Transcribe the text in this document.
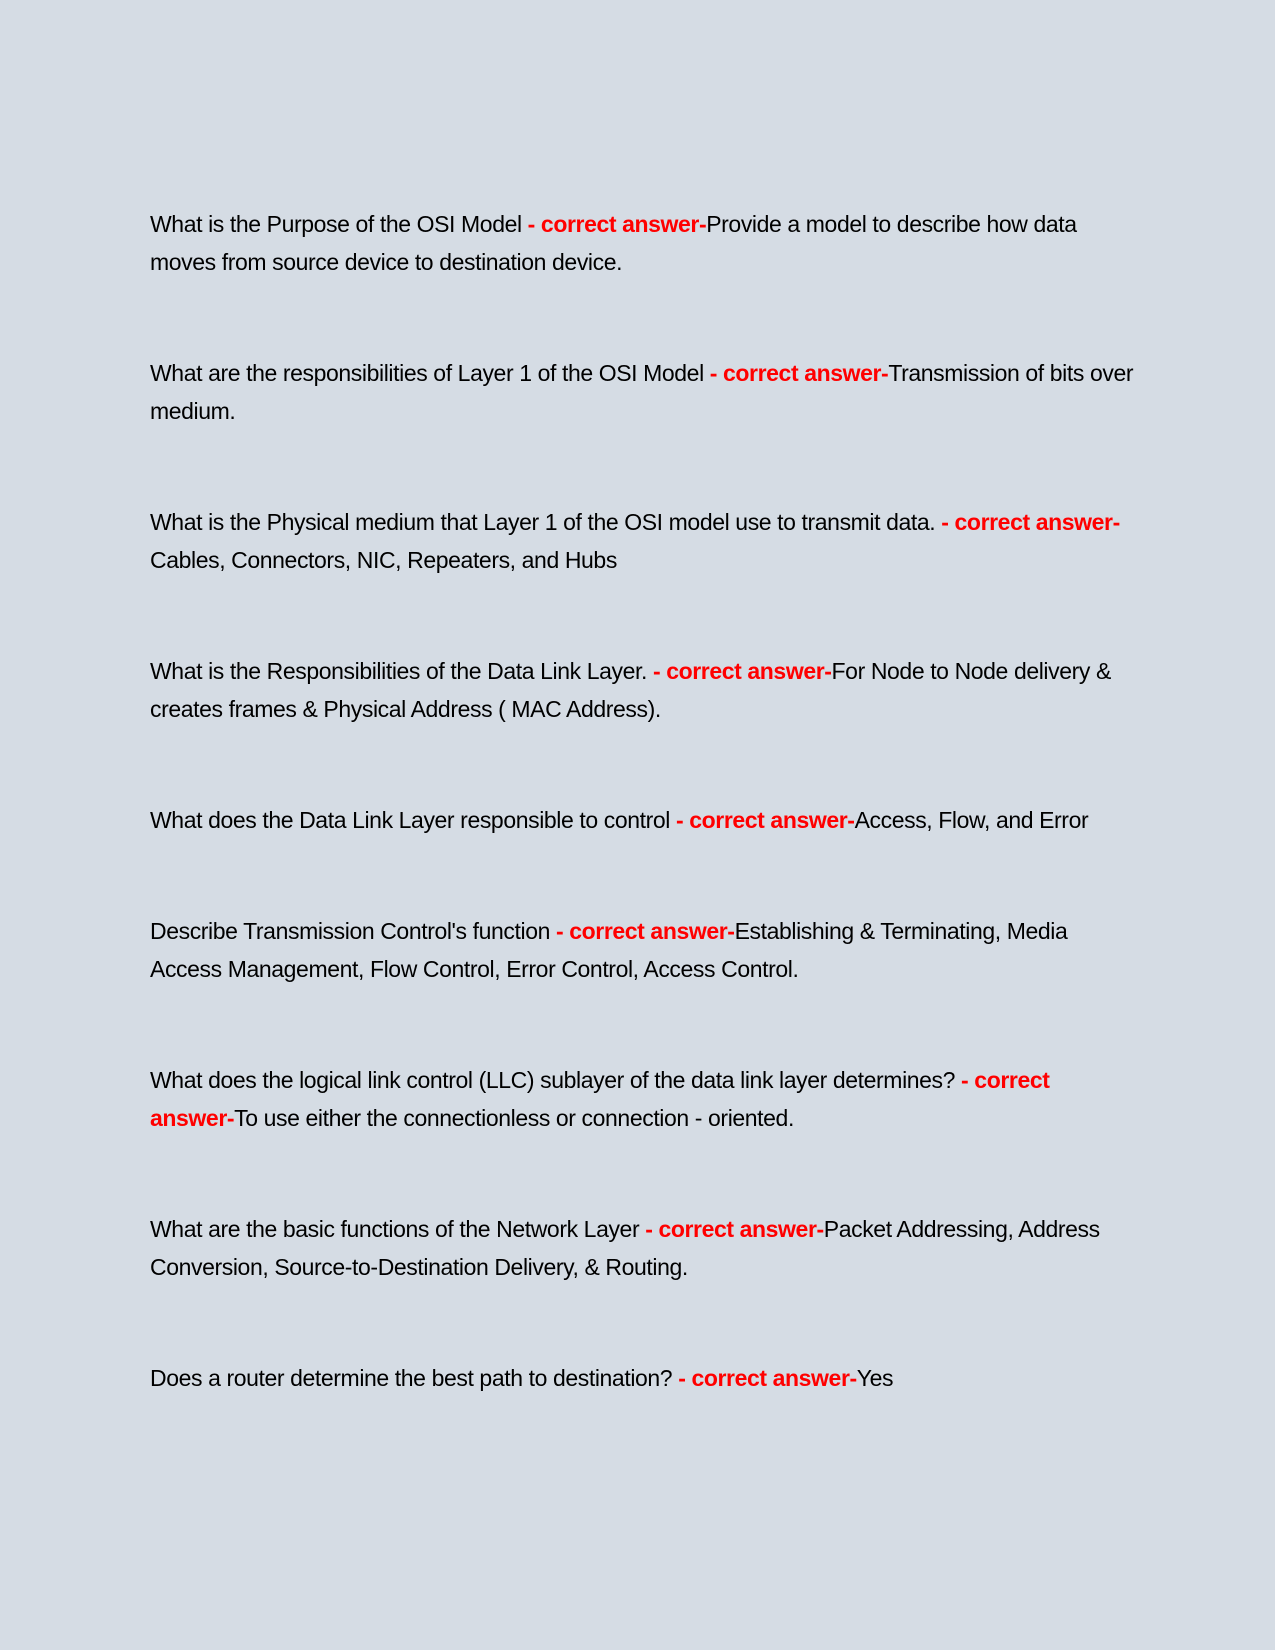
What is the Purpose of the OSI Model - correct answer-Provide a model to describe how data moves from source device to destination device.

What are the responsibilities of Layer 1 of the OSI Model - correct answer-Transmission of bits over medium.

What is the Physical medium that Layer 1 of the OSI model use to transmit data. - correct answer-Cables, Connectors, NIC, Repeaters, and Hubs

What is the Responsibilities of the Data Link Layer. - correct answer-For Node to Node delivery & creates frames & Physical Address ( MAC Address).

What does the Data Link Layer responsible to control - correct answer-Access, Flow, and Error

Describe Transmission Control's function - correct answer-Establishing & Terminating, Media Access Management, Flow Control, Error Control, Access Control.

What does the logical link control (LLC) sublayer of the data link layer determines? - correct answer-To use either the connectionless or connection - oriented.

What are the basic functions of the Network Layer - correct answer-Packet Addressing, Address Conversion, Source-to-Destination Delivery, & Routing.

Does a router determine the best path to destination? - correct answer-Yes
